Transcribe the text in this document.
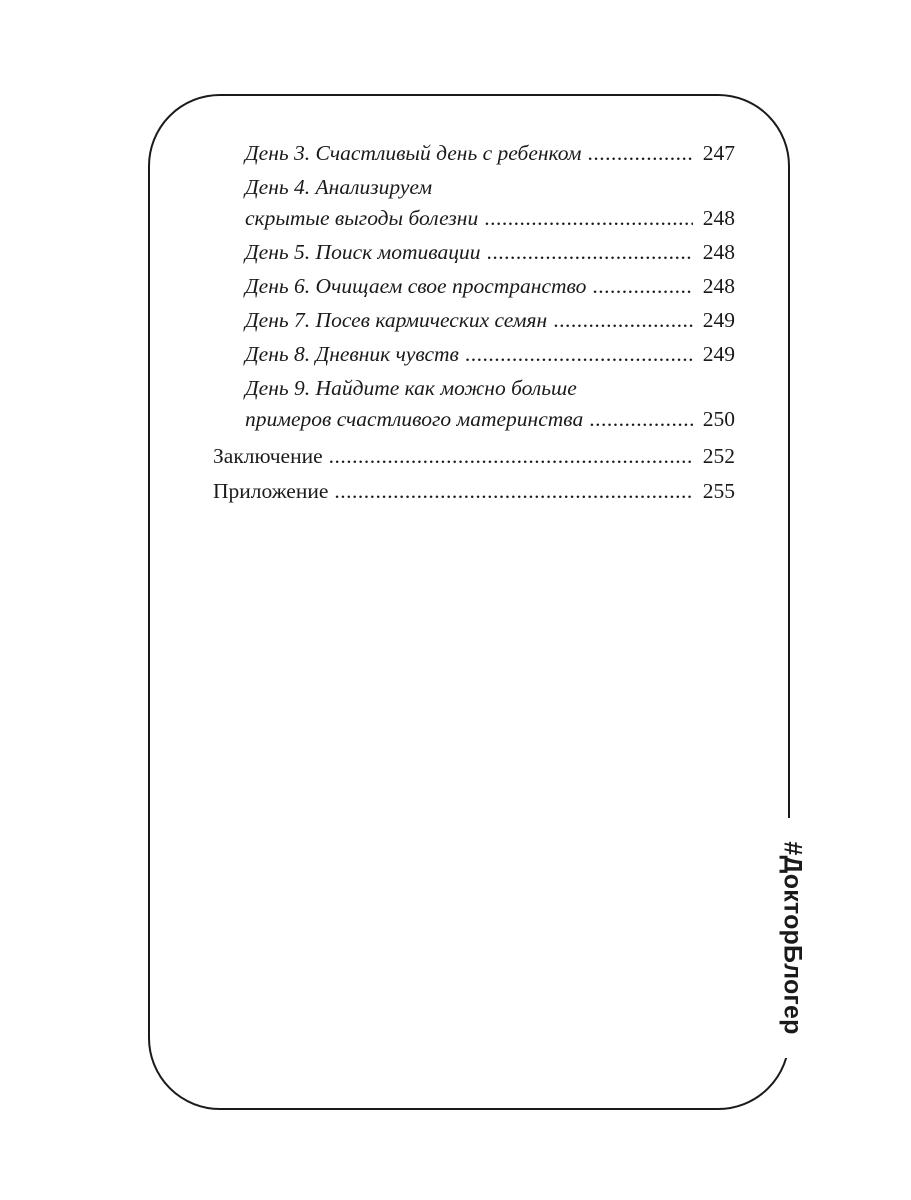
#ДокторБлогер
День 3. Счастливый день с ребенком .....	247
День 4. Анализируем
скрытые выгоды болезни .....	248
День 5. Поиск мотивации .....	248
День 6. Очищаем свое пространство .....	248
День 7. Посев кармических семян .....	249
День 8. Дневник чувств .....	249
День 9. Найдите как можно больше
примеров счастливого материнства .....	250
Заключение .....	252
Приложение .....	255
